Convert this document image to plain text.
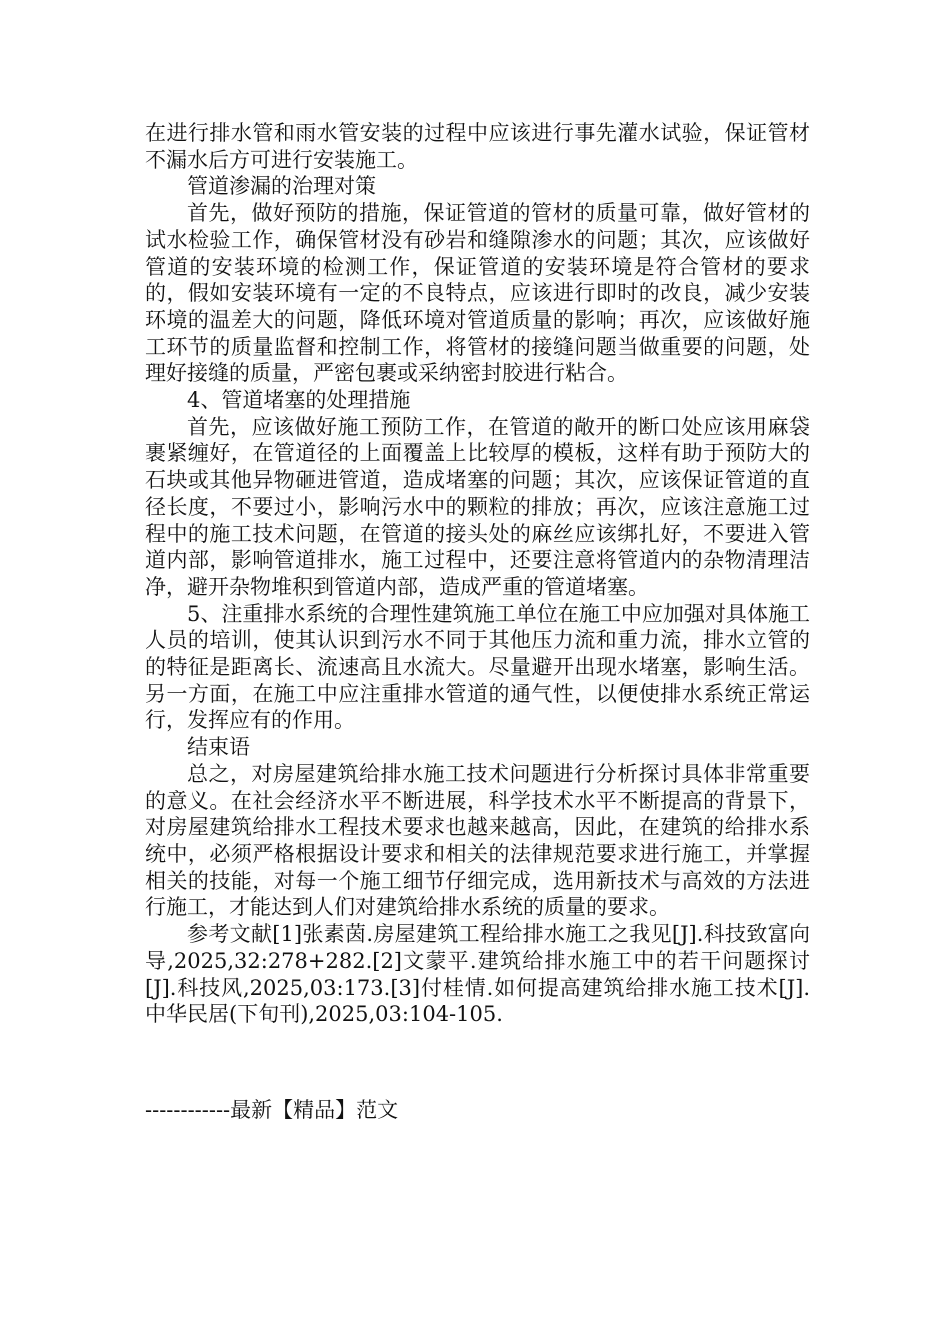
在进行排水管和雨水管安装的过程中应该进行事先灌水试验，保证管材不漏水后方可进行安装施工。

管道渗漏的治理对策

首先，做好预防的措施，保证管道的管材的质量可靠，做好管材的试水检验工作，确保管材没有砂岩和缝隙渗水的问题；其次，应该做好管道的安装环境的检测工作，保证管道的安装环境是符合管材的要求的，假如安装环境有一定的不良特点，应该进行即时的改良，减少安装环境的温差大的问题，降低环境对管道质量的影响；再次，应该做好施工环节的质量监督和控制工作，将管材的接缝问题当做重要的问题，处理好接缝的质量，严密包裹或采纳密封胶进行粘合。

4、管道堵塞的处理措施

首先，应该做好施工预防工作，在管道的敞开的断口处应该用麻袋裹紧缠好，在管道径的上面覆盖上比较厚的模板，这样有助于预防大的石块或其他异物砸进管道，造成堵塞的问题；其次，应该保证管道的直径长度，不要过小，影响污水中的颗粒的排放；再次，应该注意施工过程中的施工技术问题，在管道的接头处的麻丝应该绑扎好，不要进入管道内部，影响管道排水，施工过程中，还要注意将管道内的杂物清理洁净，避开杂物堆积到管道内部，造成严重的管道堵塞。

5、注重排水系统的合理性建筑施工单位在施工中应加强对具体施工人员的培训，使其认识到污水不同于其他压力流和重力流，排水立管的的特征是距离长、流速高且水流大。尽量避开出现水堵塞，影响生活。另一方面，在施工中应注重排水管道的通气性，以便使排水系统正常运行，发挥应有的作用。

结束语

总之，对房屋建筑给排水施工技术问题进行分析探讨具体非常重要的意义。在社会经济水平不断进展，科学技术水平不断提高的背景下，对房屋建筑给排水工程技术要求也越来越高，因此，在建筑的给排水系统中，必须严格根据设计要求和相关的法律规范要求进行施工，并掌握相关的技能，对每一个施工细节仔细完成，选用新技术与高效的方法进行施工，才能达到人们对建筑给排水系统的质量的要求。

参考文献[1]张素茵.房屋建筑工程给排水施工之我见[J].科技致富向导,2025,32:278+282.[2]文蒙平.建筑给排水施工中的若干问题探讨[J].科技风,2025,03:173.[3]付桂情.如何提高建筑给排水施工技术[J].中华民居(下旬刊),2025,03:104-105.

------------最新【精品】范文
